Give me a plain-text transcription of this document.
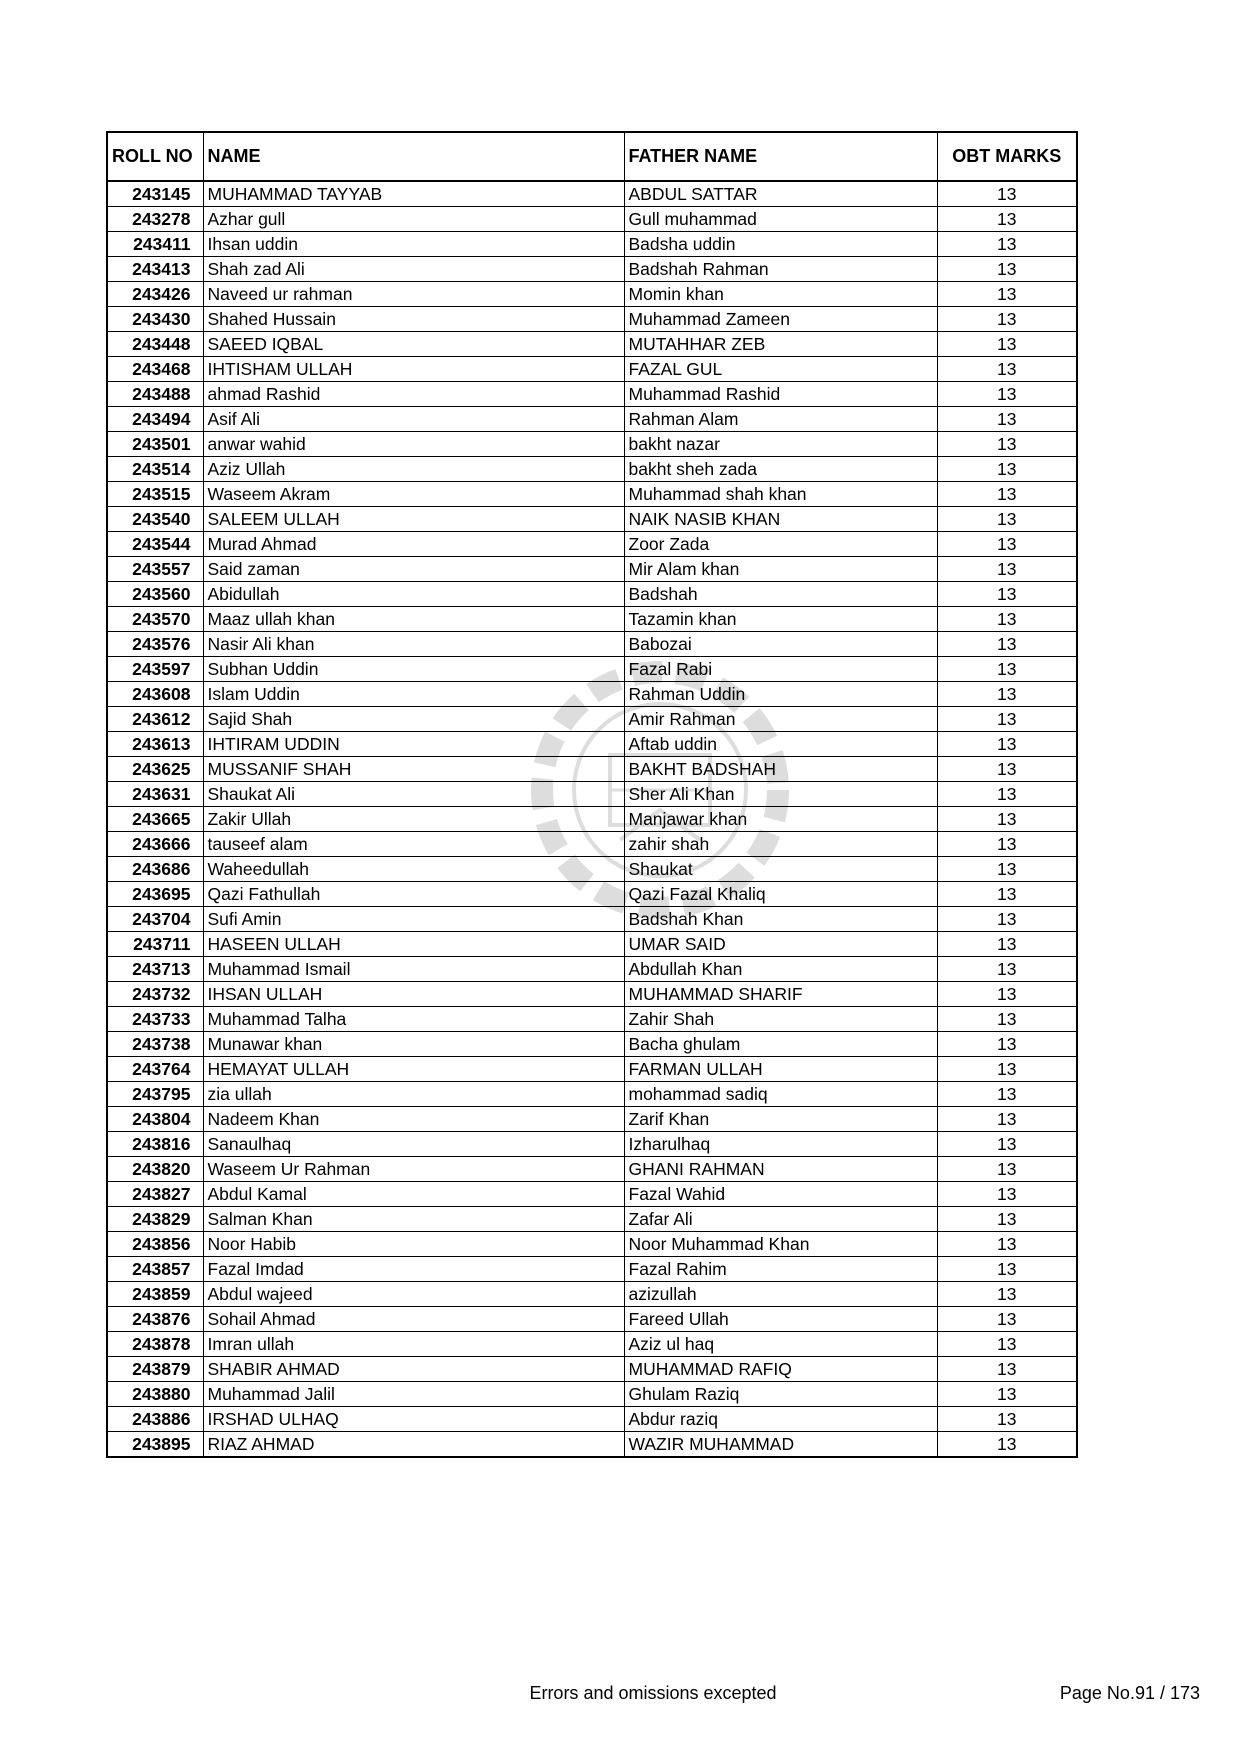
ROLL NO	NAME	FATHER NAME	OBT MARKS
243145	MUHAMMAD TAYYAB	ABDUL SATTAR	13
243278	Azhar gull	Gull muhammad	13
243411	Ihsan uddin	Badsha uddin	13
243413	Shah zad Ali	Badshah Rahman	13
243426	Naveed ur rahman	Momin khan	13
243430	Shahed Hussain	Muhammad Zameen	13
243448	SAEED IQBAL	MUTAHHAR ZEB	13
243468	IHTISHAM ULLAH	FAZAL GUL	13
243488	ahmad Rashid	Muhammad Rashid	13
243494	Asif Ali	Rahman Alam	13
243501	anwar wahid	bakht nazar	13
243514	Aziz Ullah	bakht sheh zada	13
243515	Waseem Akram	Muhammad shah khan	13
243540	SALEEM ULLAH	NAIK NASIB KHAN	13
243544	Murad Ahmad	Zoor Zada	13
243557	Said zaman	Mir Alam khan	13
243560	Abidullah	Badshah	13
243570	Maaz ullah khan	Tazamin khan	13
243576	Nasir Ali khan	Babozai	13
243597	Subhan Uddin	Fazal Rabi	13
243608	Islam Uddin	Rahman Uddin	13
243612	Sajid Shah	Amir Rahman	13
243613	IHTIRAM UDDIN	Aftab uddin	13
243625	MUSSANIF SHAH	BAKHT BADSHAH	13
243631	Shaukat Ali	Sher Ali Khan	13
243665	Zakir Ullah	Manjawar khan	13
243666	tauseef alam	zahir shah	13
243686	Waheedullah	Shaukat	13
243695	Qazi Fathullah	Qazi Fazal Khaliq	13
243704	Sufi Amin	Badshah Khan	13
243711	HASEEN ULLAH	UMAR SAID	13
243713	Muhammad Ismail	Abdullah Khan	13
243732	IHSAN ULLAH	MUHAMMAD SHARIF	13
243733	Muhammad Talha	Zahir Shah	13
243738	Munawar khan	Bacha ghulam	13
243764	HEMAYAT ULLAH	FARMAN ULLAH	13
243795	zia ullah	mohammad sadiq	13
243804	Nadeem Khan	Zarif Khan	13
243816	Sanaulhaq	Izharulhaq	13
243820	Waseem Ur Rahman	GHANI RAHMAN	13
243827	Abdul Kamal	Fazal Wahid	13
243829	Salman Khan	Zafar Ali	13
243856	Noor Habib	Noor Muhammad Khan	13
243857	Fazal Imdad	Fazal Rahim	13
243859	Abdul wajeed	azizullah	13
243876	Sohail Ahmad	Fareed Ullah	13
243878	Imran ullah	Aziz ul haq	13
243879	SHABIR AHMAD	MUHAMMAD RAFIQ	13
243880	Muhammad Jalil	Ghulam Raziq	13
243886	IRSHAD ULHAQ	Abdur raziq	13
243895	RIAZ AHMAD	WAZIR MUHAMMAD	13
Errors and omissions excepted	Page No.91 / 173
